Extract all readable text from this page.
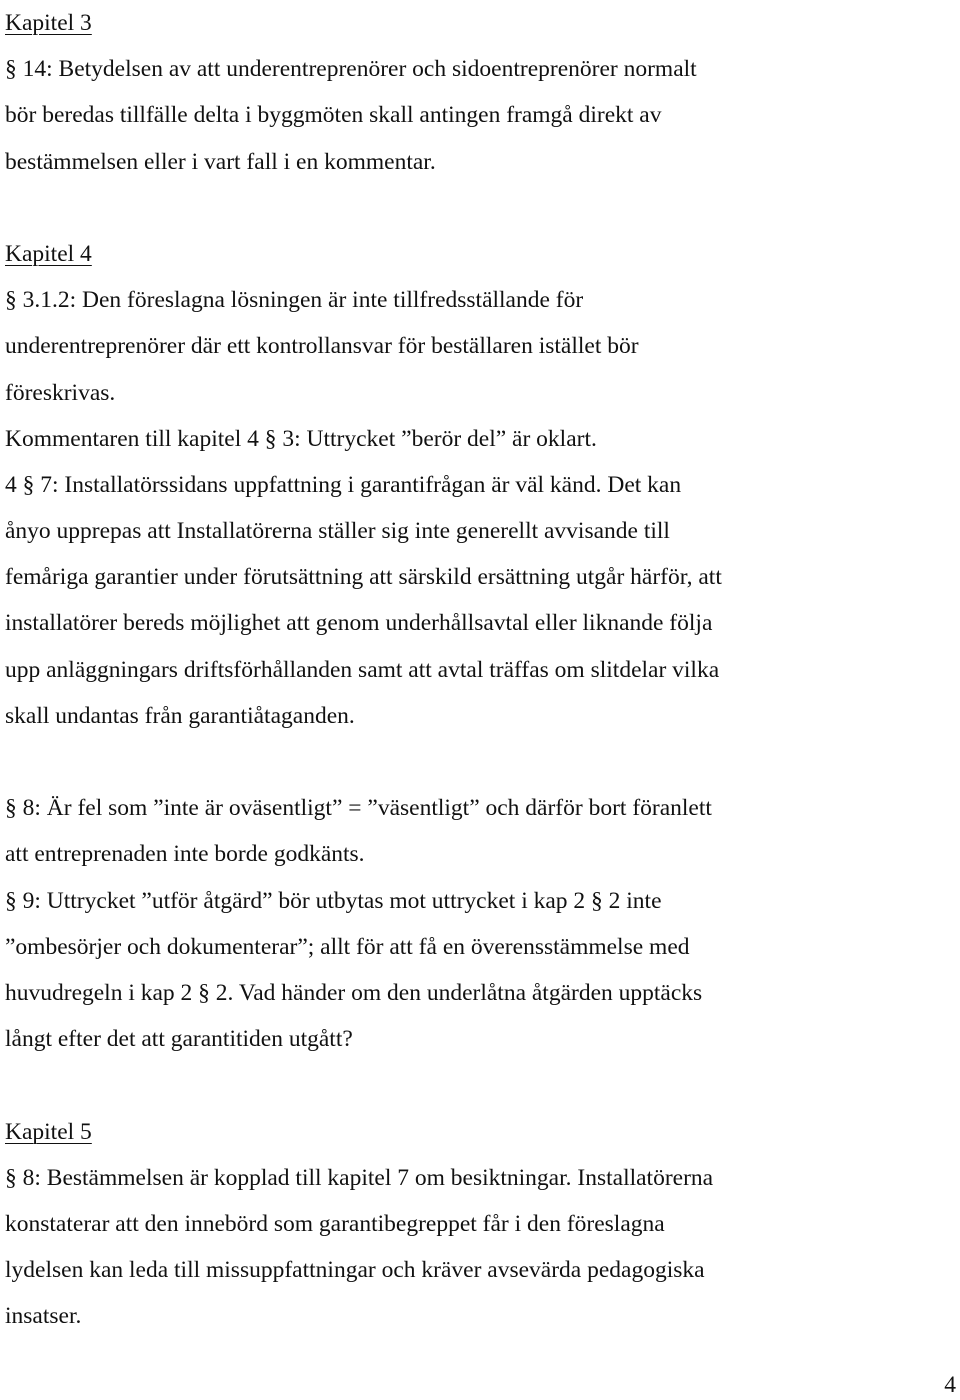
Kapitel 3
§ 14: Betydelsen av att underentreprenörer och sidoentreprenörer normalt
bör beredas tillfälle delta i byggmöten skall antingen framgå direkt av
bestämmelsen eller i vart fall i en kommentar.
Kapitel 4
§ 3.1.2: Den föreslagna lösningen är inte tillfredsställande för
underentreprenörer där ett kontrollansvar för beställaren istället bör
föreskrivas.
Kommentaren till kapitel 4 § 3: Uttrycket ”berör del” är oklart.
4 § 7: Installatörssidans uppfattning i garantifrågan är väl känd. Det kan
ånyo upprepas att Installatörerna ställer sig inte generellt avvisande till
femåriga garantier under förutsättning att särskild ersättning utgår härför, att
installatörer bereds möjlighet att genom underhållsavtal eller liknande följa
upp anläggningars driftsförhållanden samt att avtal träffas om slitdelar vilka
skall undantas från garantiåtaganden.
§ 8: Är fel som ”inte är oväsentligt” = ”väsentligt” och därför bort föranlett
att entreprenaden inte borde godkänts.
§ 9: Uttrycket ”utför åtgärd” bör utbytas mot uttrycket i kap 2 § 2 inte
”ombesörjer och dokumenterar”; allt för att få en överensstämmelse med
huvudregeln i kap 2 § 2. Vad händer om den underlåtna åtgärden upptäcks
långt efter det att garantitiden utgått?
Kapitel 5
§ 8: Bestämmelsen är kopplad till kapitel 7 om besiktningar. Installatörerna
konstaterar att den innebörd som garantibegreppet får i den föreslagna
lydelsen kan leda till missuppfattningar och kräver avsevärda pedagogiska
insatser.
4
